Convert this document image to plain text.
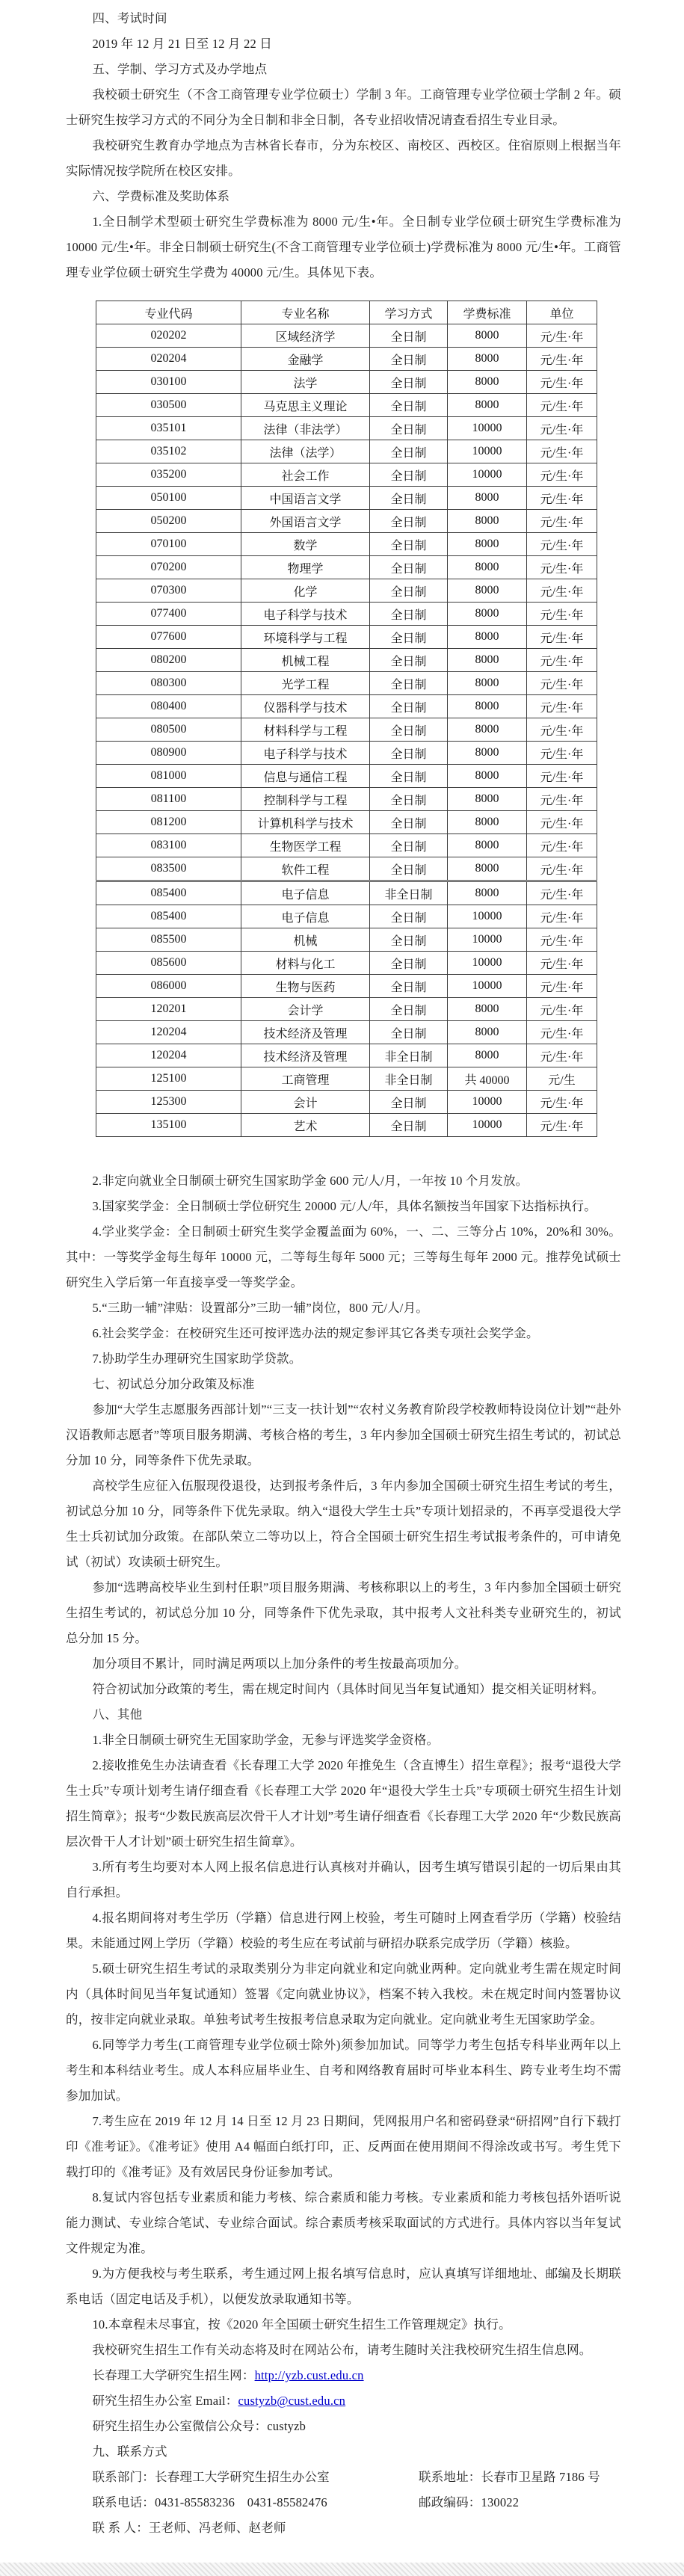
四、考试时间

2019 年 12 月 21 日至 12 月 22 日

五、学制、学习方式及办学地点

我校硕士研究生（不含工商管理专业学位硕士）学制 3 年。工商管理专业学位硕士学制 2 年。硕士研究生按学习方式的不同分为全日制和非全日制，各专业招收情况请查看招生专业目录。

我校研究生教育办学地点为吉林省长春市，分为东校区、南校区、西校区。住宿原则上根据当年实际情况按学院所在校区安排。

六、学费标准及奖助体系

1.全日制学术型硕士研究生学费标准为 8000 元/生•年。全日制专业学位硕士研究生学费标准为 10000 元/生•年。非全日制硕士研究生(不含工商管理专业学位硕士)学费标准为 8000 元/生•年。工商管理专业学位硕士研究生学费为 40000 元/生。具体见下表。

专业代码	专业名称	学习方式	学费标准	单位
020202	区域经济学	全日制	8000	元/生·年
020204	金融学	全日制	8000	元/生·年
030100	法学	全日制	8000	元/生·年
030500	马克思主义理论	全日制	8000	元/生·年
035101	法律（非法学）	全日制	10000	元/生·年
035102	法律（法学）	全日制	10000	元/生·年
035200	社会工作	全日制	10000	元/生·年
050100	中国语言文学	全日制	8000	元/生·年
050200	外国语言文学	全日制	8000	元/生·年
070100	数学	全日制	8000	元/生·年
070200	物理学	全日制	8000	元/生·年
070300	化学	全日制	8000	元/生·年
077400	电子科学与技术	全日制	8000	元/生·年
077600	环境科学与工程	全日制	8000	元/生·年
080200	机械工程	全日制	8000	元/生·年
080300	光学工程	全日制	8000	元/生·年
080400	仪器科学与技术	全日制	8000	元/生·年
080500	材料科学与工程	全日制	8000	元/生·年
080900	电子科学与技术	全日制	8000	元/生·年
081000	信息与通信工程	全日制	8000	元/生·年
081100	控制科学与工程	全日制	8000	元/生·年
081200	计算机科学与技术	全日制	8000	元/生·年
083100	生物医学工程	全日制	8000	元/生·年
083500	软件工程	全日制	8000	元/生·年
085400	电子信息	非全日制	8000	元/生·年
085400	电子信息	全日制	10000	元/生·年
085500	机械	全日制	10000	元/生·年
085600	材料与化工	全日制	10000	元/生·年
086000	生物与医药	全日制	10000	元/生·年
120201	会计学	全日制	8000	元/生·年
120204	技术经济及管理	全日制	8000	元/生·年
120204	技术经济及管理	非全日制	8000	元/生·年
125100	工商管理	非全日制	共 40000	元/生
125300	会计	全日制	10000	元/生·年
135100	艺术	全日制	10000	元/生·年

2.非定向就业全日制硕士研究生国家助学金 600 元/人/月，一年按 10 个月发放。

3.国家奖学金：全日制硕士学位研究生 20000 元/人/年，具体名额按当年国家下达指标执行。

4.学业奖学金：全日制硕士研究生奖学金覆盖面为 60%，一、二、三等分占 10%，20%和 30%。其中：一等奖学金每生每年 10000 元，二等每生每年 5000 元；三等每生每年 2000 元。推荐免试硕士研究生入学后第一年直接享受一等奖学金。

5.“三助一辅”津贴：设置部分”三助一辅”岗位，800 元/人/月。

6.社会奖学金：在校研究生还可按评选办法的规定参评其它各类专项社会奖学金。

7.协助学生办理研究生国家助学贷款。

七、初试总分加分政策及标准

参加“大学生志愿服务西部计划”“三支一扶计划”“农村义务教育阶段学校教师特设岗位计划”“赴外汉语教师志愿者”等项目服务期满、考核合格的考生，3 年内参加全国硕士研究生招生考试的，初试总分加 10 分，同等条件下优先录取。

高校学生应征入伍服现役退役，达到报考条件后，3 年内参加全国硕士研究生招生考试的考生，初试总分加 10 分，同等条件下优先录取。纳入“退役大学生士兵”专项计划招录的，不再享受退役大学生士兵初试加分政策。在部队荣立二等功以上，符合全国硕士研究生招生考试报考条件的，可申请免试（初试）攻读硕士研究生。

参加“选聘高校毕业生到村任职”项目服务期满、考核称职以上的考生，3 年内参加全国硕士研究生招生考试的，初试总分加 10 分，同等条件下优先录取，其中报考人文社科类专业研究生的，初试总分加 15 分。

加分项目不累计，同时满足两项以上加分条件的考生按最高项加分。

符合初试加分政策的考生，需在规定时间内（具体时间见当年复试通知）提交相关证明材料。

八、其他

1.非全日制硕士研究生无国家助学金，无参与评选奖学金资格。

2.接收推免生办法请查看《长春理工大学 2020 年推免生（含直博生）招生章程》；报考“退役大学生士兵”专项计划考生请仔细查看《长春理工大学 2020 年“退役大学生士兵”专项硕士研究生招生计划招生简章》；报考“少数民族高层次骨干人才计划”考生请仔细查看《长春理工大学 2020 年“少数民族高层次骨干人才计划”硕士研究生招生简章》。

3.所有考生均要对本人网上报名信息进行认真核对并确认，因考生填写错误引起的一切后果由其自行承担。

4.报名期间将对考生学历（学籍）信息进行网上校验，考生可随时上网查看学历（学籍）校验结果。未能通过网上学历（学籍）校验的考生应在考试前与研招办联系完成学历（学籍）核验。

5.硕士研究生招生考试的录取类别分为非定向就业和定向就业两种。定向就业考生需在规定时间内（具体时间见当年复试通知）签署《定向就业协议》，档案不转入我校。未在规定时间内签署协议的，按非定向就业录取。单独考试考生按报考信息录取为定向就业。定向就业考生无国家助学金。

6.同等学力考生(工商管理专业学位硕士除外)须参加加试。同等学力考生包括专科毕业两年以上考生和本科结业考生。成人本科应届毕业生、自考和网络教育届时可毕业本科生、跨专业考生均不需参加加试。

7.考生应在 2019 年 12 月 14 日至 12 月 23 日期间，凭网报用户名和密码登录“研招网”自行下载打印《准考证》。《准考证》使用 A4 幅面白纸打印，正、反两面在使用期间不得涂改或书写。考生凭下载打印的《准考证》及有效居民身份证参加考试。

8.复试内容包括专业素质和能力考核、综合素质和能力考核。专业素质和能力考核包括外语听说能力测试、专业综合笔试、专业综合面试。综合素质考核采取面试的方式进行。具体内容以当年复试文件规定为准。

9.为方便我校与考生联系，考生通过网上报名填写信息时，应认真填写详细地址、邮编及长期联系电话（固定电话及手机），以便发放录取通知书等。

10.本章程未尽事宜，按《2020 年全国硕士研究生招生工作管理规定》执行。

我校研究生招生工作有关动态将及时在网站公布，请考生随时关注我校研究生招生信息网。

长春理工大学研究生招生网：http://yzb.cust.edu.cn

研究生招生办公室 Email：custyzb@cust.edu.cn

研究生招生办公室微信公众号：custyzb

九、联系方式

联系部门：长春理工大学研究生招生办公室	联系地址：长春市卫星路 7186 号

联系电话：0431-85583236　0431-85582476	邮政编码：130022

联 系 人：王老师、冯老师、赵老师
